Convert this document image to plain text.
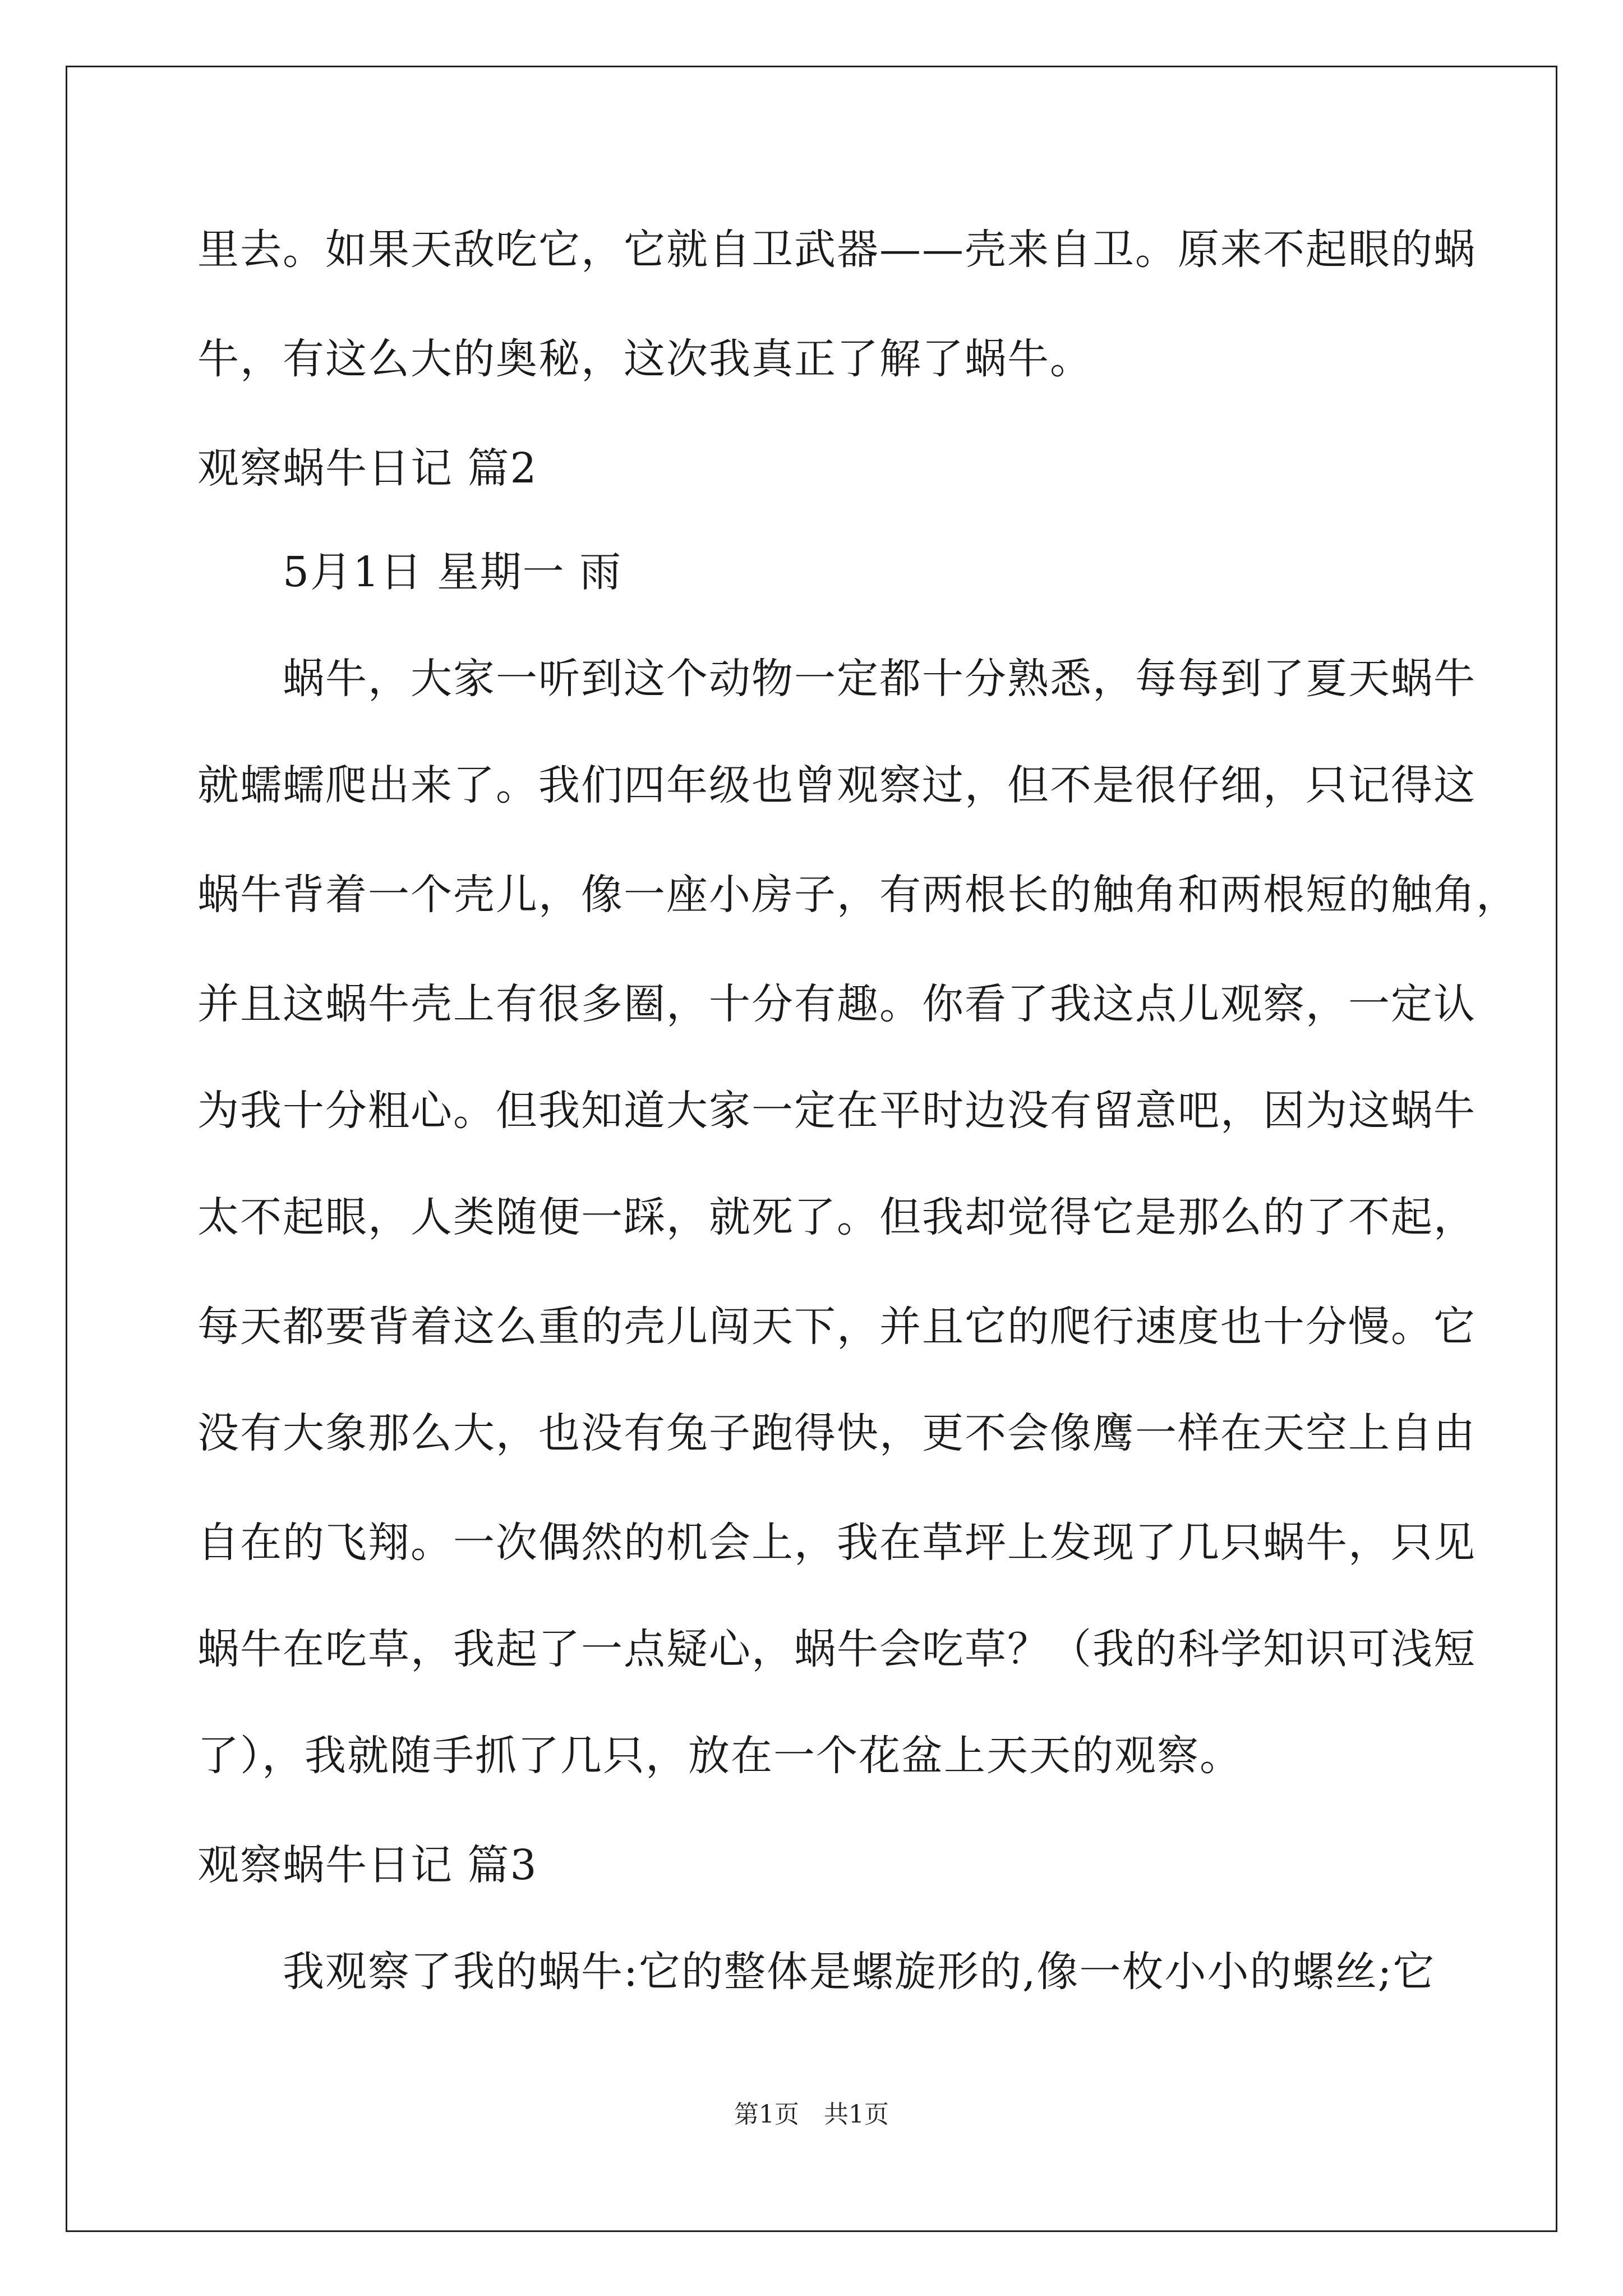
里去。如果天敌吃它，它就自卫武器——壳来自卫。原来不起眼的蜗
牛，有这么大的奥秘，这次我真正了解了蜗牛。
观察蜗牛日记 篇2
　　5月1日 星期一 雨
　　蜗牛，大家一听到这个动物一定都十分熟悉，每每到了夏天蜗牛
就蠕蠕爬出来了。我们四年级也曾观察过，但不是很仔细，只记得这
蜗牛背着一个壳儿，像一座小房子，有两根长的触角和两根短的触角，
并且这蜗牛壳上有很多圈，十分有趣。你看了我这点儿观察，一定认
为我十分粗心。但我知道大家一定在平时边没有留意吧，因为这蜗牛
太不起眼，人类随便一踩，就死了。但我却觉得它是那么的了不起，
每天都要背着这么重的壳儿闯天下，并且它的爬行速度也十分慢。它
没有大象那么大，也没有兔子跑得快，更不会像鹰一样在天空上自由
自在的飞翔。一次偶然的机会上，我在草坪上发现了几只蜗牛，只见
蜗牛在吃草，我起了一点疑心，蜗牛会吃草？（我的科学知识可浅短
了），我就随手抓了几只，放在一个花盆上天天的观察。
观察蜗牛日记 篇3
　　我观察了我的蜗牛:它的整体是螺旋形的,像一枚小小的螺丝;它
第1页　共1页
